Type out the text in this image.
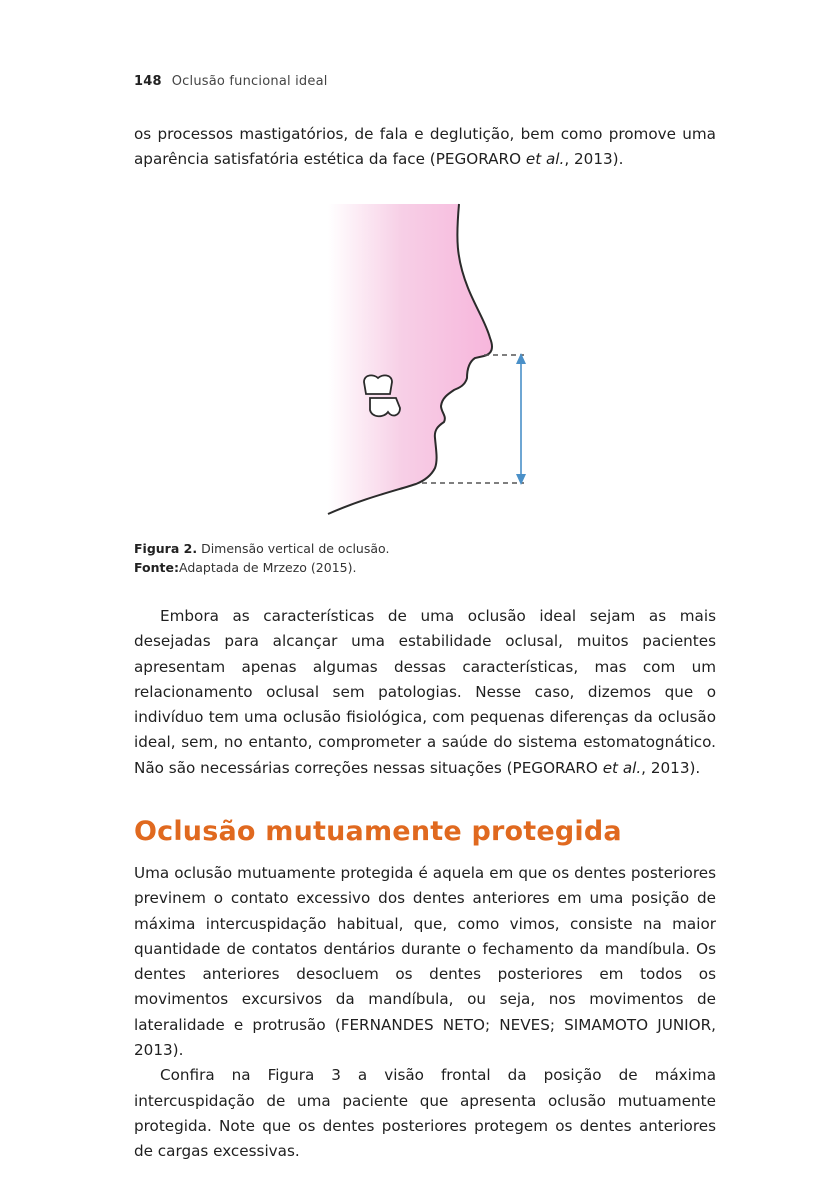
148 Oclusão funcional ideal

os processos mastigatórios, de fala e deglutição, bem como promove uma aparência satisfatória estética da face (PEGORARO et al., 2013).

Figura 2. Dimensão vertical de oclusão.
Fonte:Adaptada de Mrzezo (2015).

Embora as características de uma oclusão ideal sejam as mais desejadas para alcançar uma estabilidade oclusal, muitos pacientes apresentam apenas algumas dessas características, mas com um relacionamento oclusal sem patologias. Nesse caso, dizemos que o indivíduo tem uma oclusão fisiológica, com pequenas diferenças da oclusão ideal, sem, no entanto, comprometer a saúde do sistema estomatognático. Não são necessárias correções nessas situações (PEGORARO et al., 2013).

Oclusão mutuamente protegida

Uma oclusão mutuamente protegida é aquela em que os dentes posteriores previnem o contato excessivo dos dentes anteriores em uma posição de máxima intercuspidação habitual, que, como vimos, consiste na maior quantidade de contatos dentários durante o fechamento da mandíbula. Os dentes anteriores desocluem os dentes posteriores em todos os movimentos excursivos da mandíbula, ou seja, nos movimentos de lateralidade e protrusão (FERNANDES NETO; NEVES; SIMAMOTO JUNIOR, 2013).

Confira na Figura 3 a visão frontal da posição de máxima intercuspidação de uma paciente que apresenta oclusão mutuamente protegida. Note que os dentes posteriores protegem os dentes anteriores de cargas excessivas.
